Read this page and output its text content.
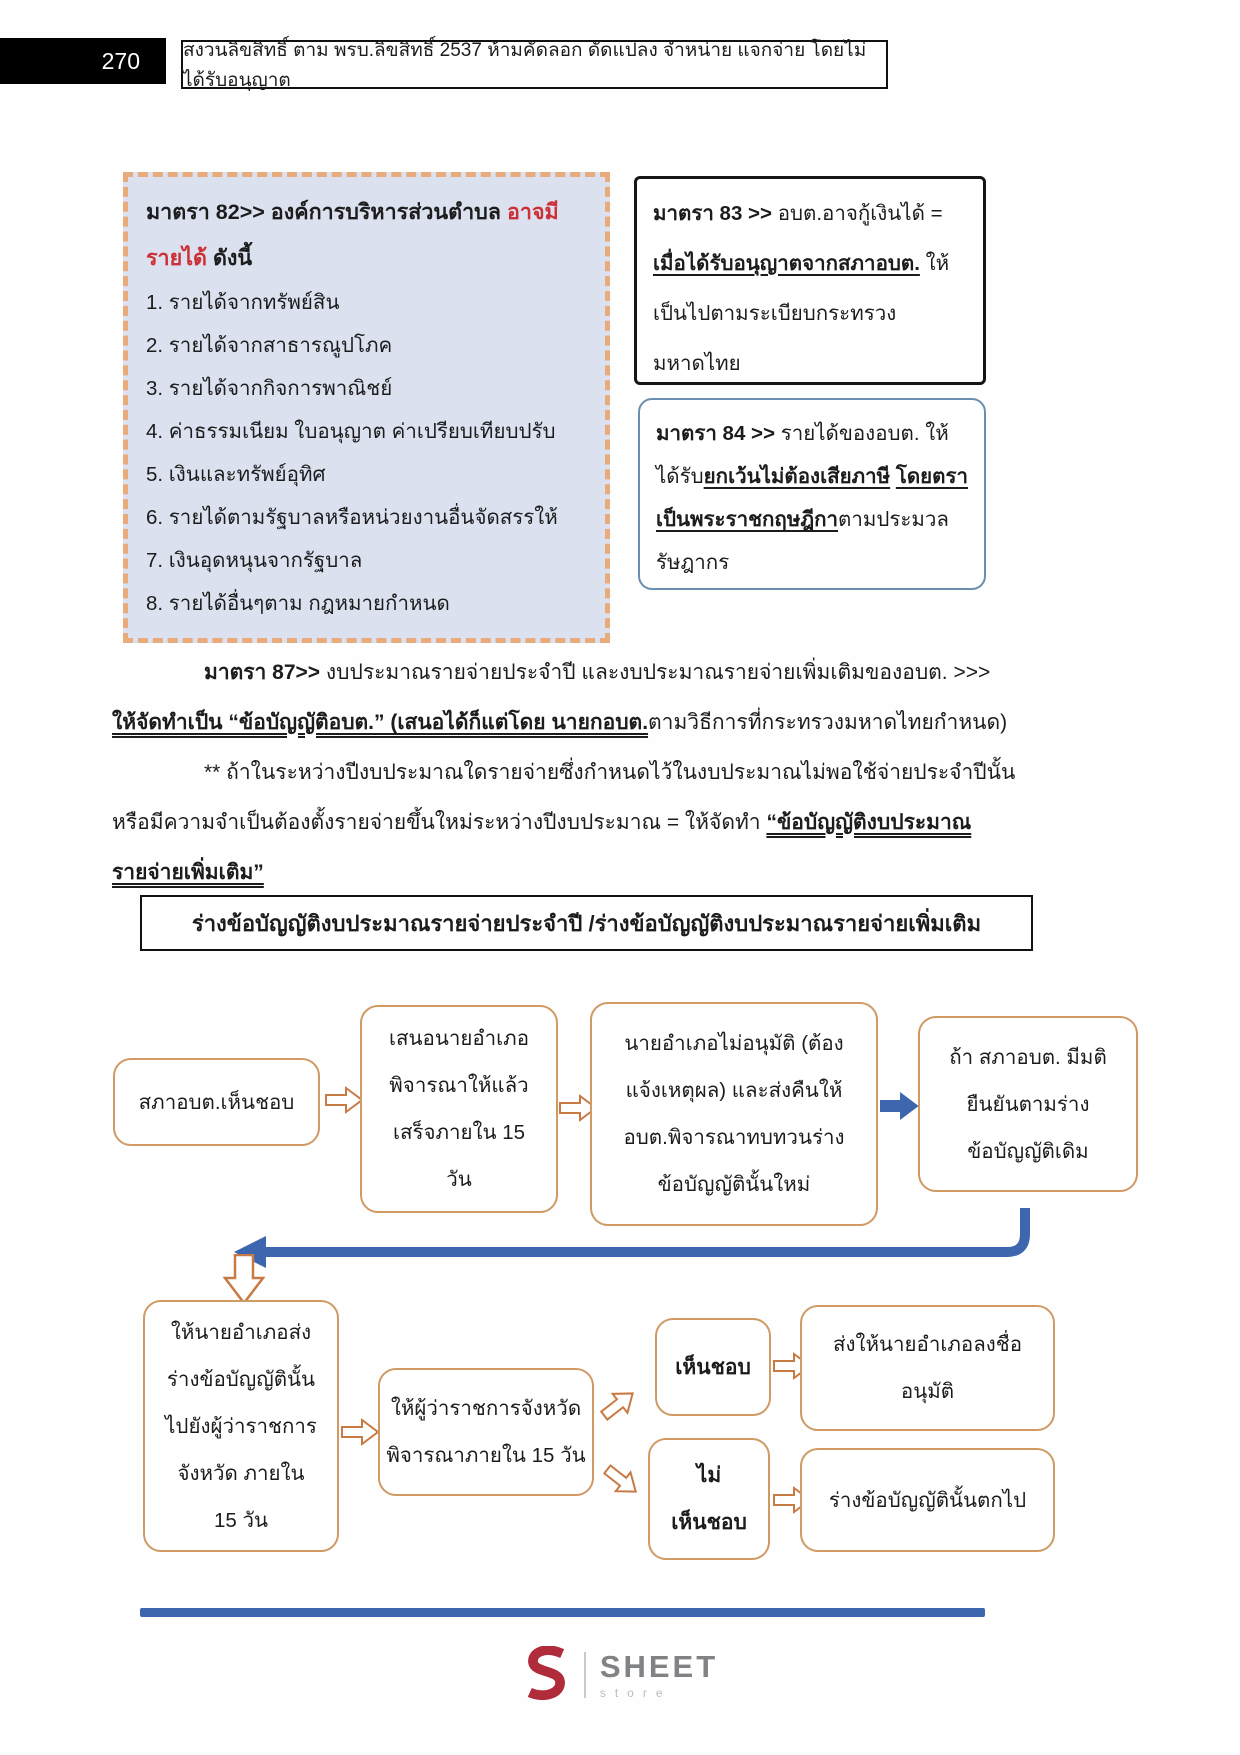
270 สงวนลิขสิทธิ์ ตาม พรบ.ลิขสิทธิ์ 2537 ห้ามคัดลอก ดัดแปลง จำหน่าย แจกจ่าย โดยไม่ได้รับอนุญาต
มาตรา 82>> องค์การบริหารส่วนตำบล อาจมีรายได้ ดังนี้
1. รายได้จากทรัพย์สิน
2. รายได้จากสาธารณูปโภค
3. รายได้จากกิจการพาณิชย์
4. ค่าธรรมเนียม ใบอนุญาต ค่าเปรียบเทียบปรับ
5. เงินและทรัพย์อุทิศ
6. รายได้ตามรัฐบาลหรือหน่วยงานอื่นจัดสรรให้
7. เงินอุดหนุนจากรัฐบาล
8. รายได้อื่นๆตาม กฎหมายกำหนด
มาตรา 83 >> อบต.อาจกู้เงินได้ = เมื่อได้รับอนุญาตจากสภาอบต. ให้เป็นไปตามระเบียบกระทรวงมหาดไทย
มาตรา 84 >> รายได้ของอบต. ให้ได้รับยกเว้นไม่ต้องเสียภาษี โดยตราเป็นพระราชกฤษฎีกาตามประมวลรัษฎากร
มาตรา 87>> งบประมาณรายจ่ายประจำปี และงบประมาณรายจ่ายเพิ่มเติมของอบต. >>>
ให้จัดทำเป็น “ข้อบัญญัติอบต.” (เสนอได้ก็แต่โดย นายกอบต.ตามวิธีการที่กระทรวงมหาดไทยกำหนด)
** ถ้าในระหว่างปีงบประมาณใดรายจ่ายซึ่งกำหนดไว้ในงบประมาณไม่พอใช้จ่ายประจำปีนั้น
หรือมีความจำเป็นต้องตั้งรายจ่ายขึ้นใหม่ระหว่างปีงบประมาณ = ให้จัดทำ “ข้อบัญญัติงบประมาณ
รายจ่ายเพิ่มเติม”
ร่างข้อบัญญัติงบประมาณรายจ่ายประจำปี /ร่างข้อบัญญัติงบประมาณรายจ่ายเพิ่มเติม
สภาอบต.เห็นชอบ
เสนอนายอำเภอ
พิจารณาให้แล้ว
เสร็จภายใน 15
วัน
นายอำเภอไม่อนุมัติ (ต้อง
แจ้งเหตุผล) และส่งคืนให้
อบต.พิจารณาทบทวนร่าง
ข้อบัญญัตินั้นใหม่
ถ้า สภาอบต. มีมติ
ยืนยันตามร่าง
ข้อบัญญัติเดิม
ให้นายอำเภอส่ง
ร่างข้อบัญญัตินั้น
ไปยังผู้ว่าราชการ
จังหวัด ภายใน
15 วัน
ให้ผู้ว่าราชการจังหวัด
พิจารณาภายใน 15 วัน
เห็นชอบ
ส่งให้นายอำเภอลงชื่อ
อนุมัติ
ไม่
เห็นชอบ
ร่างข้อบัญญัตินั้นตกไป
SHEET
store
